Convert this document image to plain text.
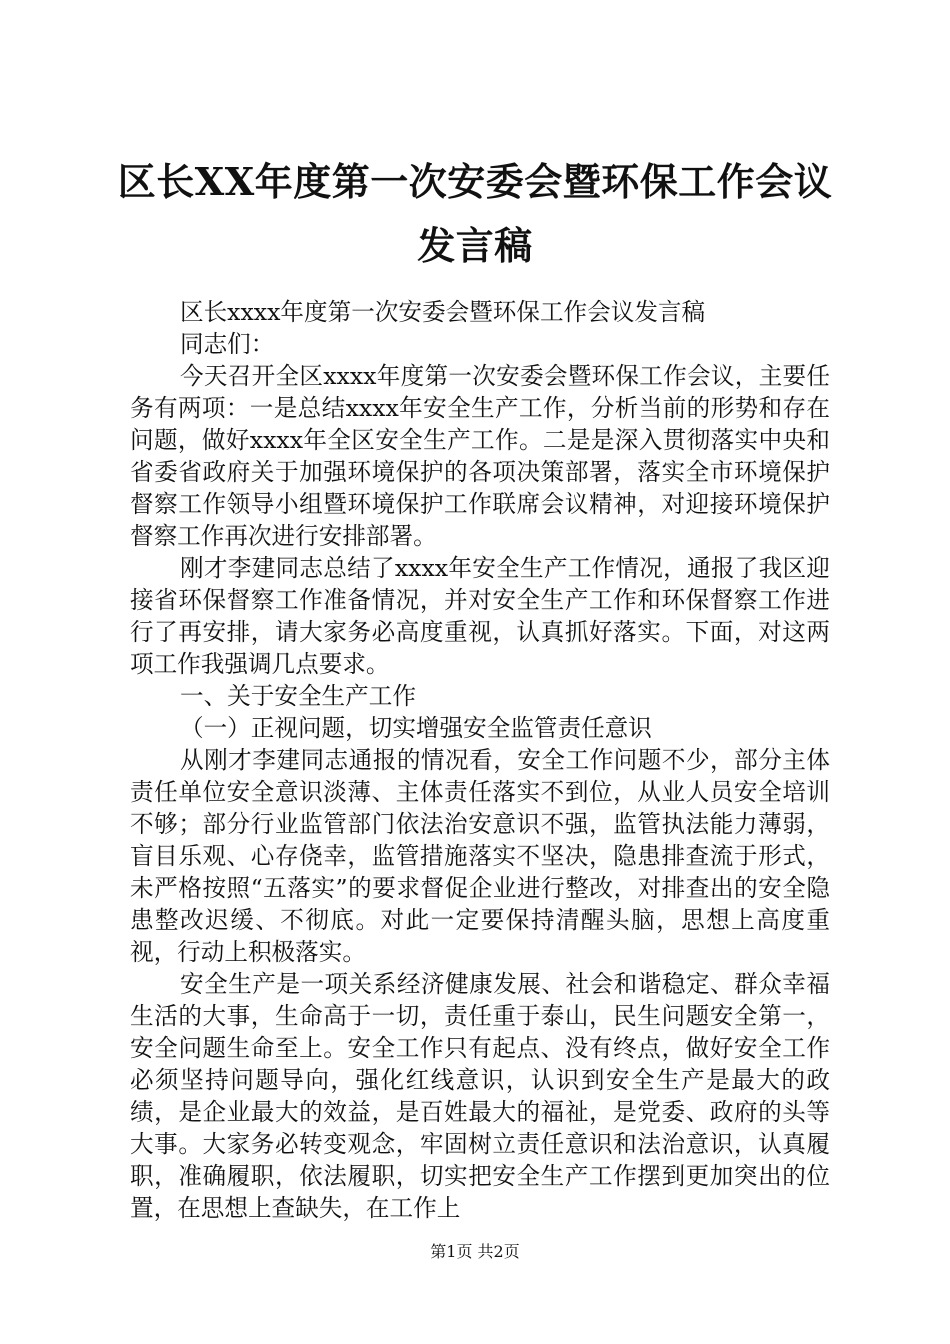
区长XX年度第一次安委会暨环保工作会议发言稿

区长xxxx年度第一次安委会暨环保工作会议发言稿

同志们：

今天召开全区xxxx年度第一次安委会暨环保工作会议，主要任务有两项：一是总结xxxx年安全生产工作，分析当前的形势和存在问题，做好xxxx年全区安全生产工作。二是是深入贯彻落实中央和省委省政府关于加强环境保护的各项决策部署，落实全市环境保护督察工作领导小组暨环境保护工作联席会议精神，对迎接环境保护督察工作再次进行安排部署。

刚才李建同志总结了xxxx年安全生产工作情况，通报了我区迎接省环保督察工作准备情况，并对安全生产工作和环保督察工作进行了再安排，请大家务必高度重视，认真抓好落实。下面，对这两项工作我强调几点要求。

一、关于安全生产工作

（一）正视问题，切实增强安全监管责任意识

从刚才李建同志通报的情况看，安全工作问题不少，部分主体责任单位安全意识淡薄、主体责任落实不到位，从业人员安全培训不够；部分行业监管部门依法治安意识不强，监管执法能力薄弱，盲目乐观、心存侥幸，监管措施落实不坚决，隐患排查流于形式，未严格按照“五落实”的要求督促企业进行整改，对排查出的安全隐患整改迟缓、不彻底。对此一定要保持清醒头脑，思想上高度重视，行动上积极落实。

安全生产是一项关系经济健康发展、社会和谐稳定、群众幸福生活的大事，生命高于一切，责任重于泰山，民生问题安全第一，安全问题生命至上。安全工作只有起点、没有终点，做好安全工作必须坚持问题导向，强化红线意识，认识到安全生产是最大的政绩，是企业最大的效益，是百姓最大的福祉，是党委、政府的头等大事。大家务必转变观念，牢固树立责任意识和法治意识，认真履职，准确履职，依法履职，切实把安全生产工作摆到更加突出的位置，在思想上查缺失，在工作上

第1页 共2页
